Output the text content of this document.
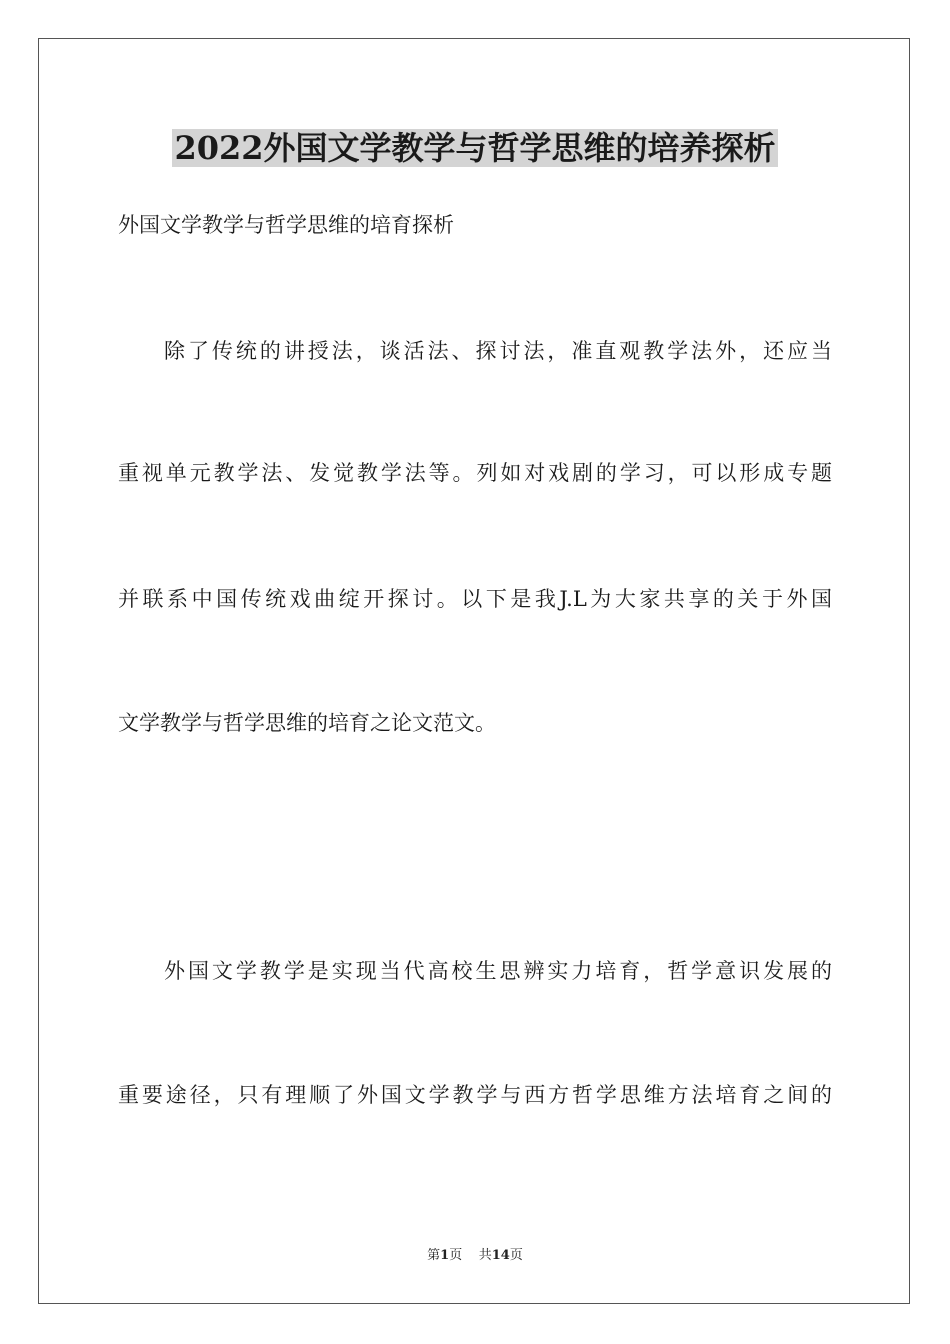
2022外国文学教学与哲学思维的培养探析

外国文学教学与哲学思维的培育探析

除了传统的讲授法，谈活法、探讨法，准直观教学法外，还应当

重视单元教学法、发觉教学法等。列如对戏剧的学习，可以形成专题

并联系中国传统戏曲绽开探讨。以下是我J.L为大家共享的关于外国

文学教学与哲学思维的培育之论文范文。

外国文学教学是实现当代高校生思辨实力培育，哲学意识发展的

重要途径，只有理顺了外国文学教学与西方哲学思维方法培育之间的

第1页 共14页
